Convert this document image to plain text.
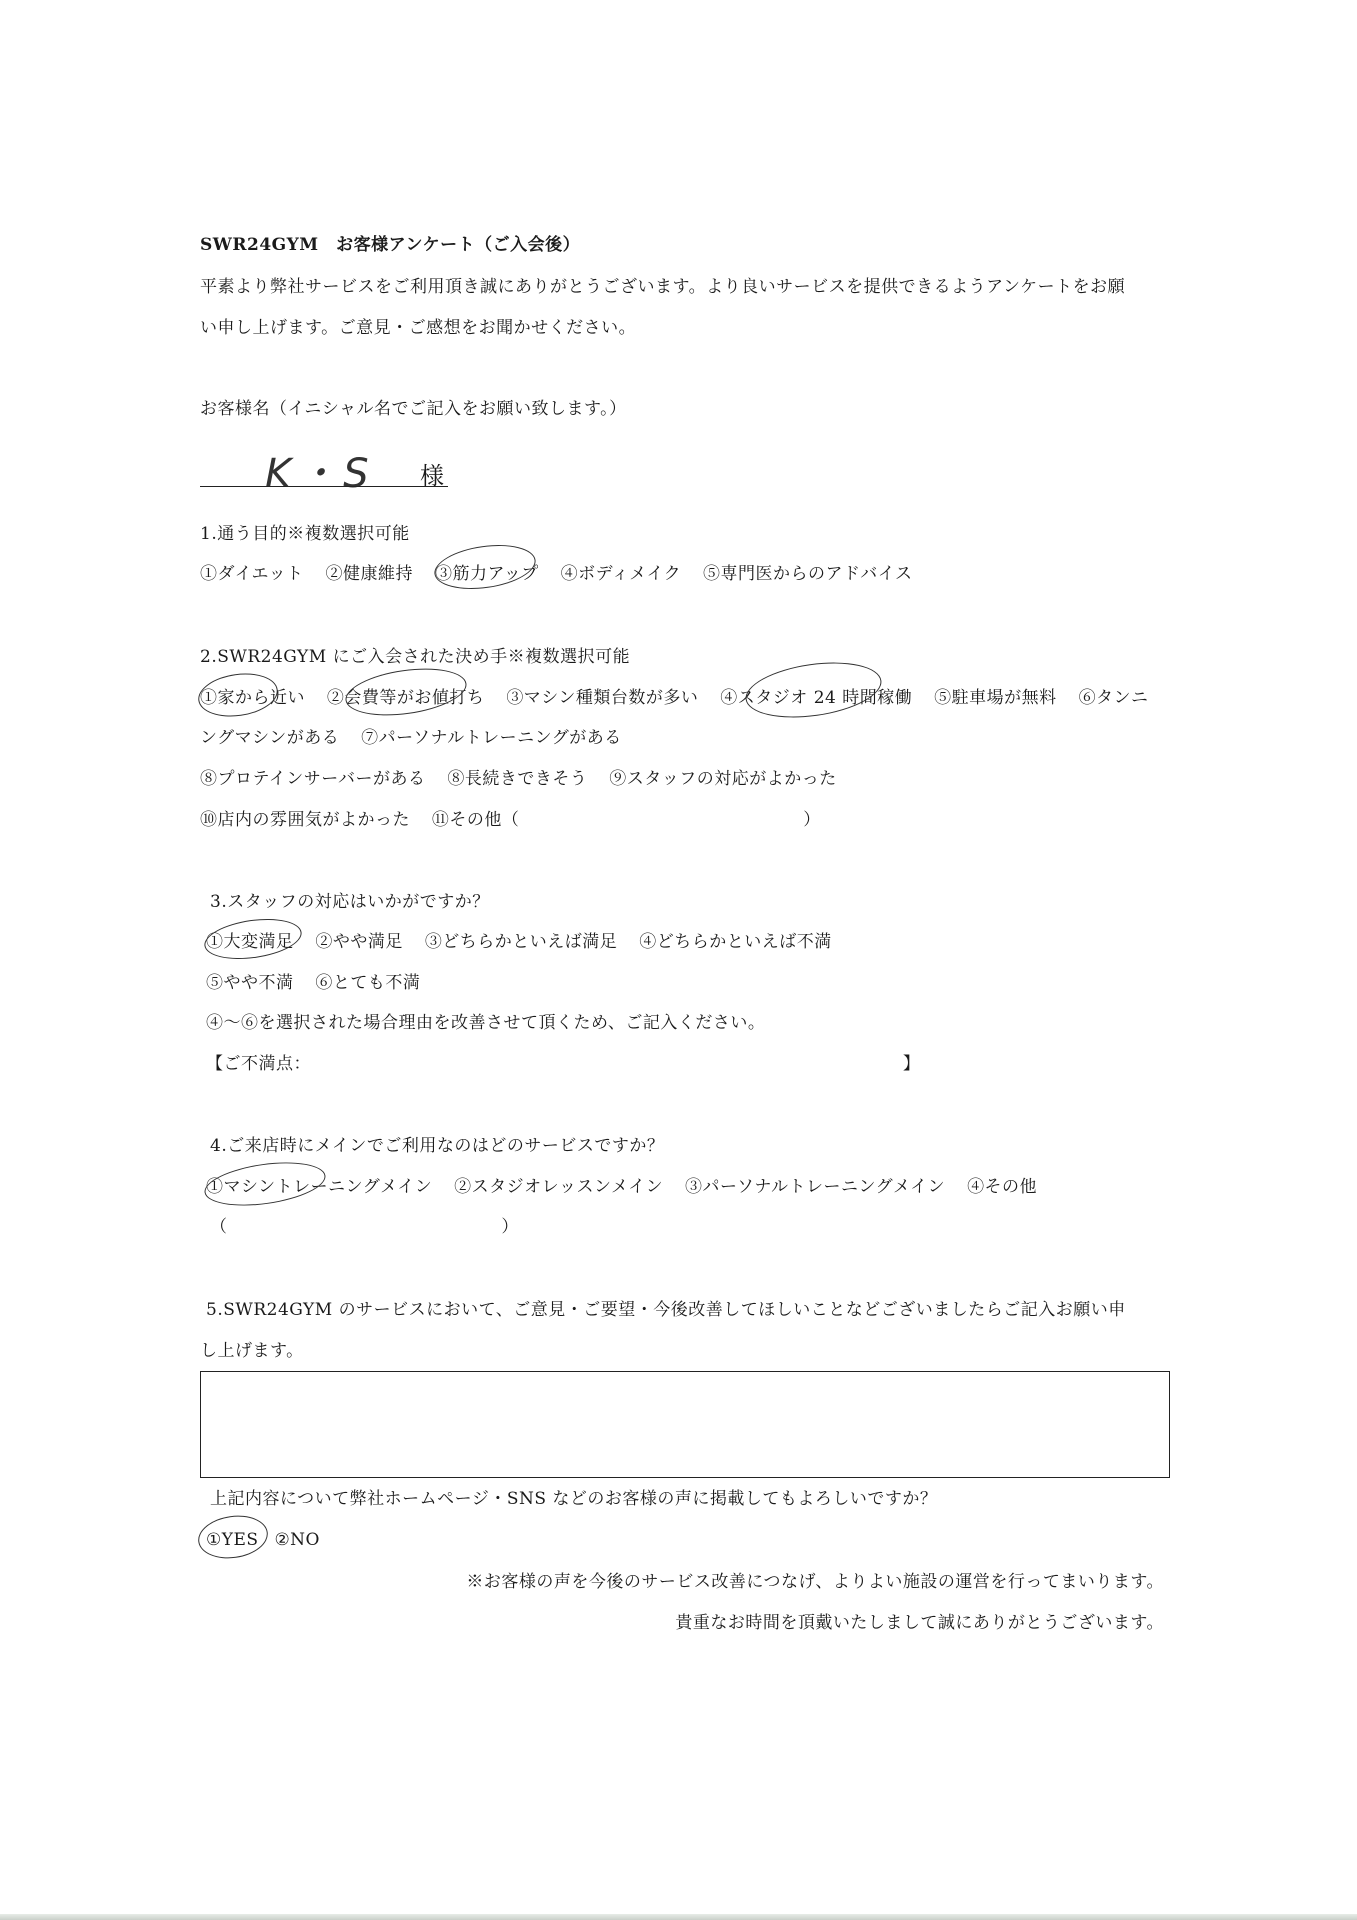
SWR24GYM　お客様アンケート（ご入会後）
平素より弊社サービスをご利用頂き誠にありがとうございます。より良いサービスを提供できるようアンケートをお願
い申し上げます。ご意見・ご感想をお聞かせください。
お客様名（イニシャル名でご記入をお願い致します。）
K・S 様
1.通う目的※複数選択可能
①ダイエット ②健康維持 ③筋力アップ ④ボディメイク ⑤専門医からのアドバイス
2.SWR24GYM にご入会された決め手※複数選択可能
①家から近い ②会費等がお値打ち ③マシン種類台数が多い ④スタジオ 24 時間稼働 ⑤駐車場が無料 ⑥タンニ
ングマシンがある ⑦パーソナルトレーニングがある
⑧プロテインサーバーがある ⑧長続きできそう ⑨スタッフの対応がよかった
⑩店内の雰囲気がよかった ⑪その他（	）
3.スタッフの対応はいかがですか？
①大変満足 ②やや満足 ③どちらかといえば満足 ④どちらかといえば不満
⑤やや不満 ⑥とても不満
④～⑥を選択された場合理由を改善させて頂くため、ご記入ください。
【ご不満点：	】
4.ご来店時にメインでご利用なのはどのサービスですか？
①マシントレーニングメイン ②スタジオレッスンメイン ③パーソナルトレーニングメイン ④その他
（	）
5.SWR24GYM のサービスにおいて、ご意見・ご要望・今後改善してほしいことなどございましたらご記入お願い申
し上げます。
上記内容について弊社ホームページ・SNS などのお客様の声に掲載してもよろしいですか？
①YES ②NO
※お客様の声を今後のサービス改善につなげ、よりよい施設の運営を行ってまいります。
貴重なお時間を頂戴いたしまして誠にありがとうございます。
